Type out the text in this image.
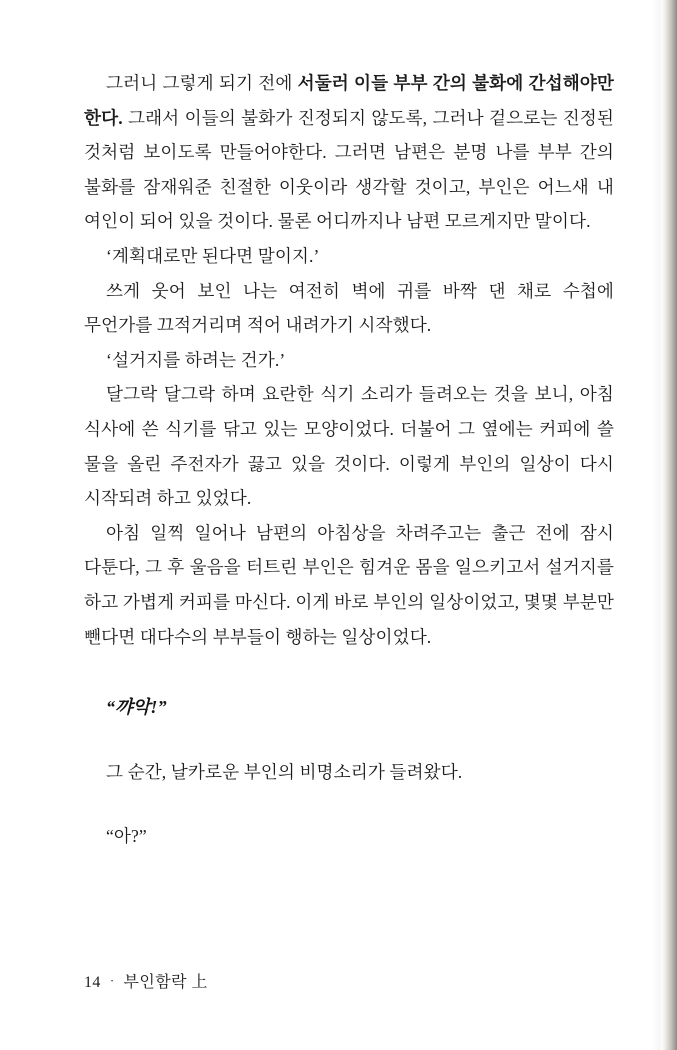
그러니 그렇게 되기 전에 서둘러 이들 부부 간의 불화에 간섭해야만 한다. 그래서 이들의 불화가 진정되지 않도록, 그러나 겉으로는 진정된 것처럼 보이도록 만들어야한다. 그러면 남편은 분명 나를 부부 간의 불화를 잠재워준 친절한 이웃이라 생각할 것이고, 부인은 어느새 내 여인이 되어 있을 것이다. 물론 어디까지나 남편 모르게지만 말이다.

‘계획대로만 된다면 말이지.’

쓰게 웃어 보인 나는 여전히 벽에 귀를 바짝 댄 채로 수첩에 무언가를 끄적거리며 적어 내려가기 시작했다.

‘설거지를 하려는 건가.’

달그락 달그락 하며 요란한 식기 소리가 들려오는 것을 보니, 아침 식사에 쓴 식기를 닦고 있는 모양이었다. 더불어 그 옆에는 커피에 쓸 물을 올린 주전자가 끓고 있을 것이다. 이렇게 부인의 일상이 다시 시작되려 하고 있었다.

아침 일찍 일어나 남편의 아침상을 차려주고는 출근 전에 잠시 다툰다, 그 후 울음을 터트린 부인은 힘겨운 몸을 일으키고서 설거지를 하고 가볍게 커피를 마신다. 이게 바로 부인의 일상이었고, 몇몇 부분만 뺀다면 대다수의 부부들이 행하는 일상이었다.

“꺄악!”

그 순간, 날카로운 부인의 비명소리가 들려왔다.

“아?”

14 · 부인함락 上
